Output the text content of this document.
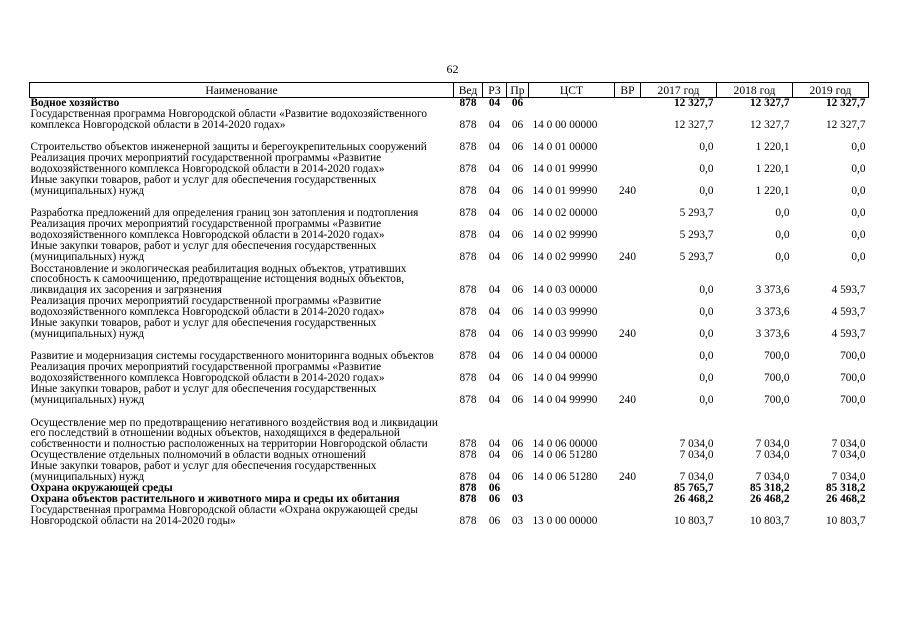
62
Наименование	Вед	РЗ	Пр	ЦСТ	ВР	2017 год	2018 год	2019 год
Водное хозяйство	878	04	06			12 327,7	12 327,7	12 327,7
Государственная программа Новгородской области «Развитие водохозяйственного комплекса Новгородской области в 2014-2020 годах»	878	04	06	14 0 00 00000		12 327,7	12 327,7	12 327,7
Строительство объектов инженерной защиты и берегоукрепительных сооружений	878	04	06	14 0 01 00000		0,0	1 220,1	0,0
Реализация прочих мероприятий государственной программы «Развитие водохозяйственного комплекса Новгородской области в 2014-2020 годах»	878	04	06	14 0 01 99990		0,0	1 220,1	0,0
Иные закупки товаров, работ и услуг для обеспечения государственных (муниципальных) нужд	878	04	06	14 0 01 99990	240	0,0	1 220,1	0,0
Разработка предложений для определения границ зон затопления и подтопления	878	04	06	14 0 02 00000		5 293,7	0,0	0,0
Реализация прочих мероприятий государственной программы «Развитие водохозяйственного комплекса Новгородской области в 2014-2020 годах»	878	04	06	14 0 02 99990		5 293,7	0,0	0,0
Иные закупки товаров, работ и услуг для обеспечения государственных (муниципальных) нужд	878	04	06	14 0 02 99990	240	5 293,7	0,0	0,0
Восстановление и экологическая реабилитация водных объектов, утративших способность к самоочищению, предотвращение истощения водных объектов, ликвидация их засорения и загрязнения	878	04	06	14 0 03 00000		0,0	3 373,6	4 593,7
Реализация прочих мероприятий государственной программы «Развитие водохозяйственного комплекса Новгородской области в 2014-2020 годах»	878	04	06	14 0 03 99990		0,0	3 373,6	4 593,7
Иные закупки товаров, работ и услуг для обеспечения государственных (муниципальных) нужд	878	04	06	14 0 03 99990	240	0,0	3 373,6	4 593,7
Развитие и модернизация системы государственного мониторинга водных объектов	878	04	06	14 0 04 00000		0,0	700,0	700,0
Реализация прочих мероприятий государственной программы «Развитие водохозяйственного комплекса Новгородской области в 2014-2020 годах»	878	04	06	14 0 04 99990		0,0	700,0	700,0
Иные закупки товаров, работ и услуг для обеспечения государственных (муниципальных) нужд	878	04	06	14 0 04 99990	240	0,0	700,0	700,0
Осуществление мер по предотвращению негативного воздействия вод и ликвидации его последствий в отношении водных объектов, находящихся в федеральной собственности и полностью расположенных на территории Новгородской области	878	04	06	14 0 06 00000		7 034,0	7 034,0	7 034,0
Осуществление отдельных полномочий в области водных отношений	878	04	06	14 0 06 51280		7 034,0	7 034,0	7 034,0
Иные закупки товаров, работ и услуг для обеспечения государственных (муниципальных) нужд	878	04	06	14 0 06 51280	240	7 034,0	7 034,0	7 034,0
Охрана окружающей среды	878	06				85 765,7	85 318,2	85 318,2
Охрана объектов растительного и животного мира и среды их обитания	878	06	03			26 468,2	26 468,2	26 468,2
Государственная программа Новгородской области «Охрана окружающей среды Новгородской области на 2014-2020 годы»	878	06	03	13 0 00 00000		10 803,7	10 803,7	10 803,7
